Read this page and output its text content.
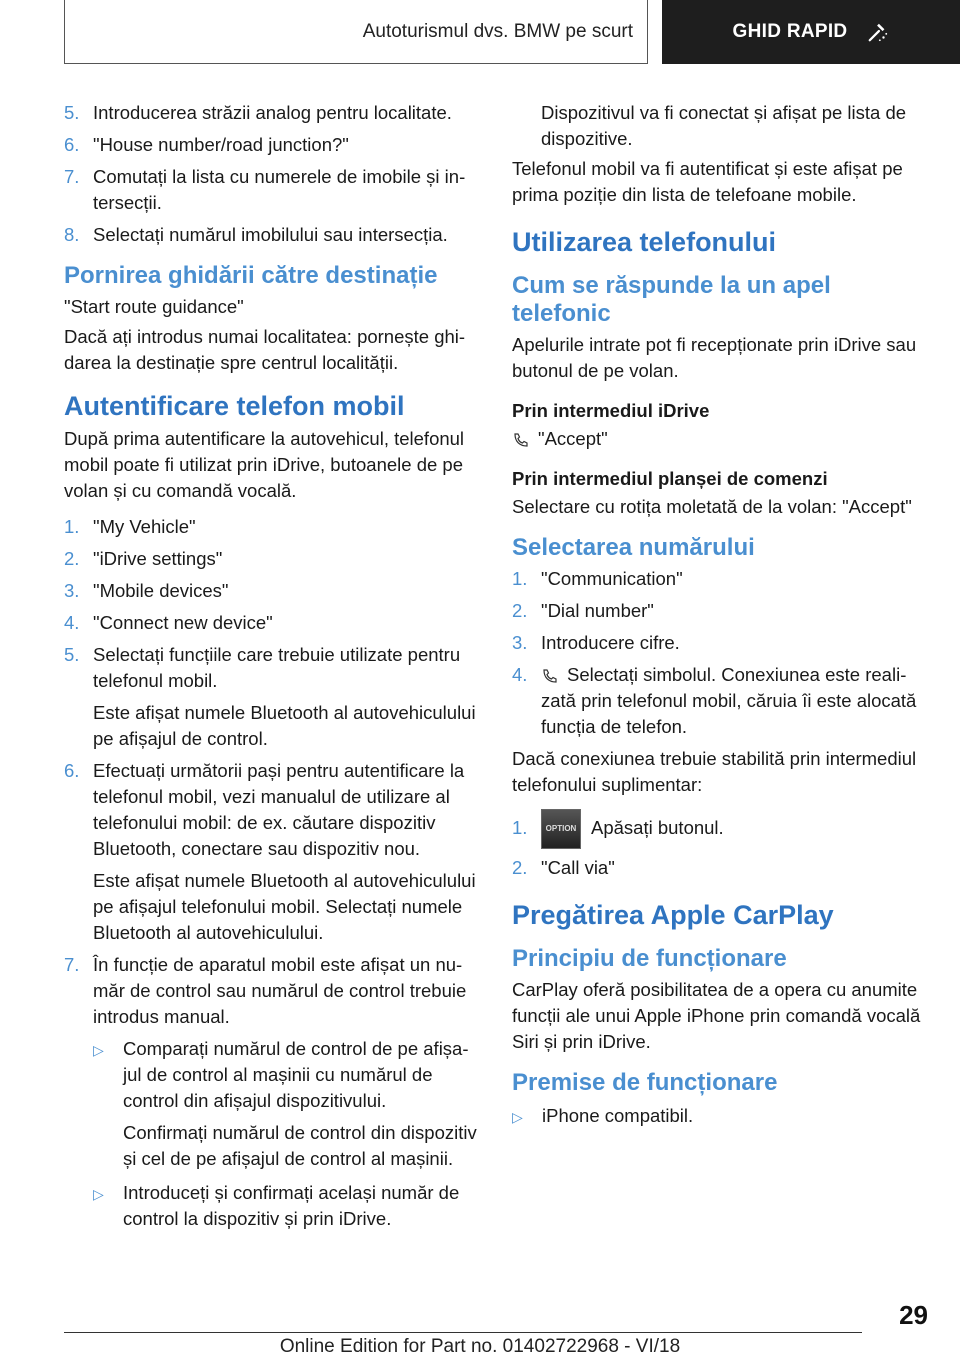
Autoturismul dvs. BMW pe scurt	GHID RAPID
5. Introducerea străzii analog pentru localitate.
6. "House number/road junction?"
7. Comutați la lista cu numerele de imobile și intersecții.
8. Selectați numărul imobilului sau intersecția.
Pornirea ghidării către destinație

"Start route guidance"

Dacă ați introdus numai localitatea: pornește ghidarea la destinație spre centrul localității.

Autentificare telefon mobil

După prima autentificare la autovehicul, telefonul mobil poate fi utilizat prin iDrive, butoanele de pe volan și cu comandă vocală.

1. "My Vehicle"
2. "iDrive settings"
3. "Mobile devices"
4. "Connect new device"
5. Selectați funcțiile care trebuie utilizate pentru telefonul mobil.

Este afișat numele Bluetooth al autovehiculului pe afișajul de control.

6. Efectuați următorii pași pentru autentificare la telefonul mobil, vezi manualul de utilizare al telefonului mobil: de ex. căutare dispozitiv Bluetooth, conectare sau dispozitiv nou.

Este afișat numele Bluetooth al autovehiculului pe afișajul telefonului mobil. Selectați numele Bluetooth al autovehiculului.

7. În funcție de aparatul mobil este afișat un număr de control sau numărul de control trebuie introdus manual.
▷ Comparați numărul de control de pe afișajul de control al mașinii cu numărul de control din afișajul dispozitivului.

Confirmați numărul de control din dispozitiv și cel de pe afișajul de control al mașinii.

▷ Introduceți și confirmați același număr de control la dispozitiv și prin iDrive.

Dispozitivul va fi conectat și afișat pe lista de dispozitive.

Telefonul mobil va fi autentificat și este afișat pe prima poziție din lista de telefoane mobile.

Utilizarea telefonului
Cum se răspunde la un apel telefonic

Apelurile intrate pot fi recepționate prin iDrive sau butonul de pe volan.

Prin intermediul iDrive

"Accept"

Prin intermediul planșei de comenzi

Selectare cu rotița moletată de la volan: "Accept"

Selectarea numărului
1. "Communication"
2. "Dial number"
3. Introducere cifre.
4. Selectați simbolul. Conexiunea este realizată prin telefonul mobil, căruia îi este alocată funcția de telefon.

Dacă conexiunea trebuie stabilită prin intermediul telefonului suplimentar:

1. OPTION Apăsați butonul.
2. "Call via"
Pregătirea Apple CarPlay
Principiu de funcționare

CarPlay oferă posibilitatea de a opera cu anumite funcții ale unui Apple iPhone prin comandă vocală Siri și prin iDrive.

Premise de funcționare
▷ iPhone compatibil.
29
Online Edition for Part no. 01402722968 - VI/18
